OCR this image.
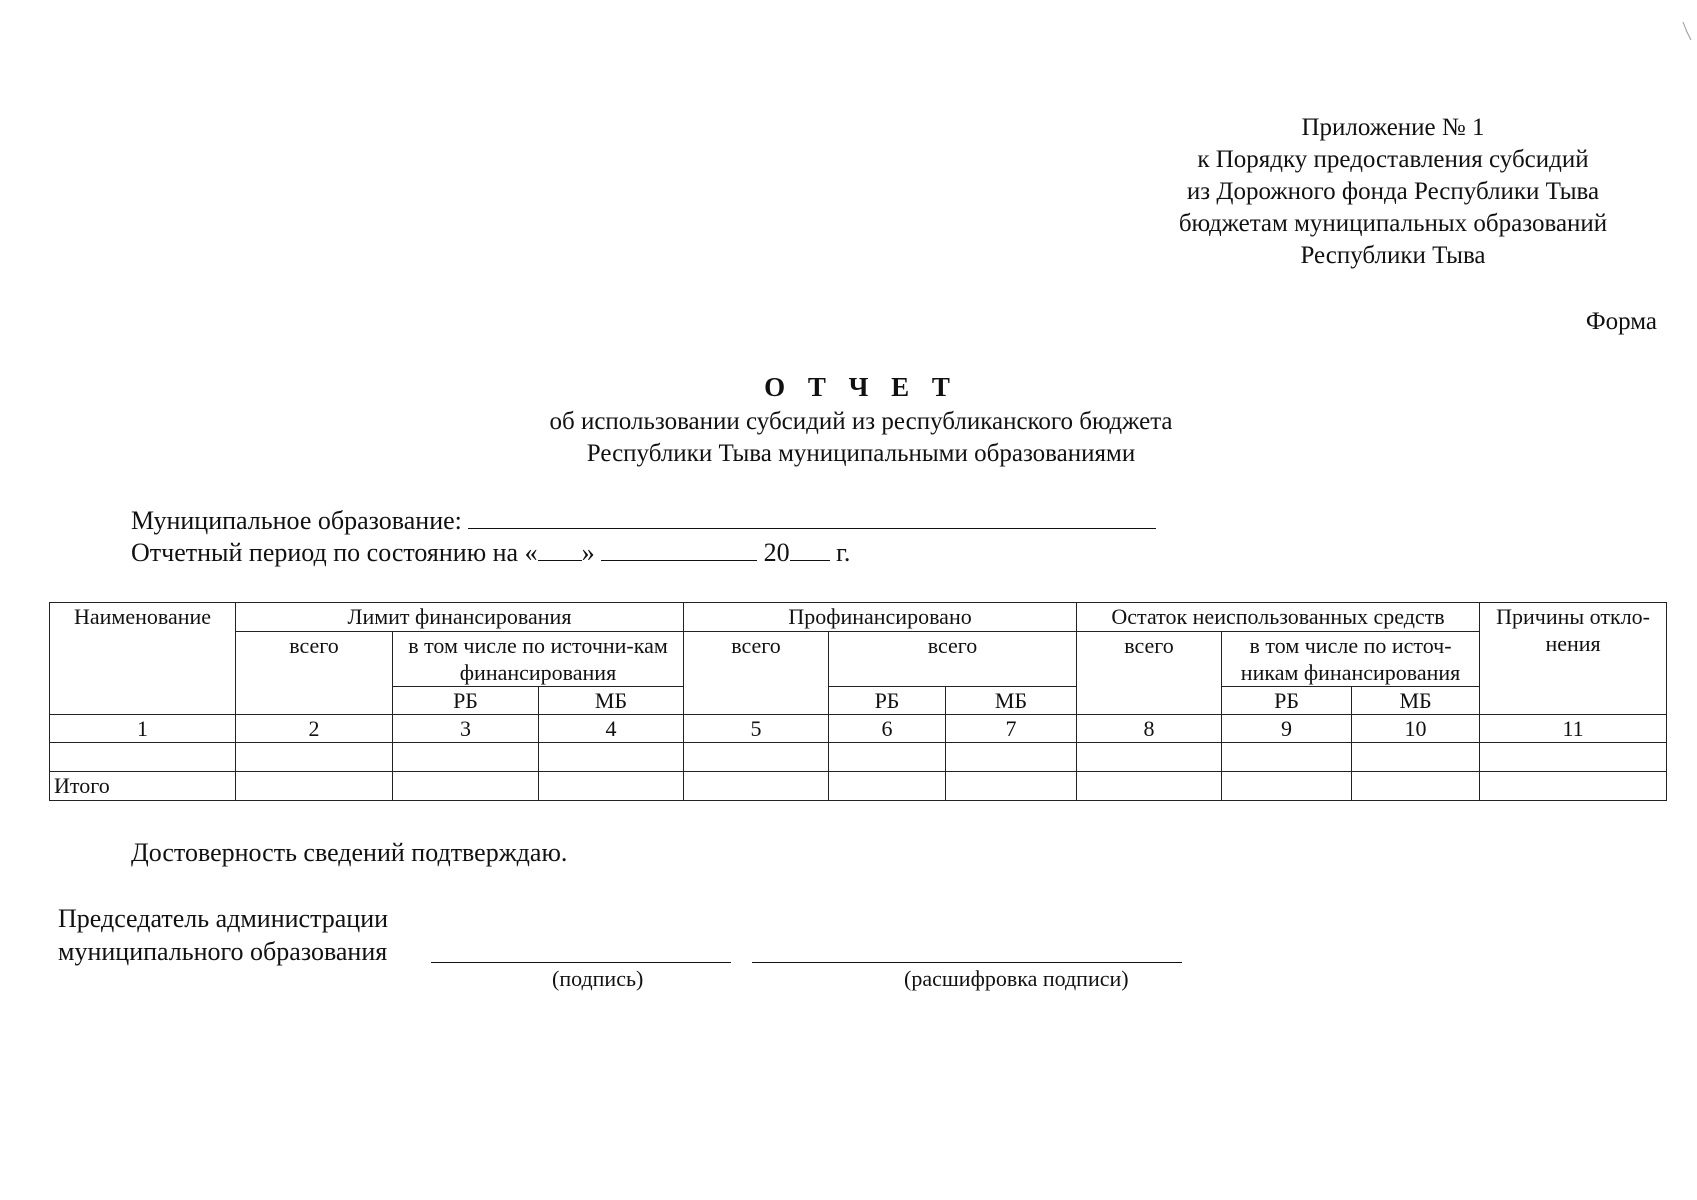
Приложение № 1
к Порядку предоставления субсидий
из Дорожного фонда Республики Тыва
бюджетам муниципальных образований
Республики Тыва
Форма
О Т Ч Е Т
об использовании субсидий из республиканского бюджета
Республики Тыва муниципальными образованиями
Муниципальное образование:
Отчетный период по состоянию на « »	20 г.
Наименование	Лимит финансирования			Профинансировано			Остаток неиспользованных средств			Причины откло-нения
	всего	в том числе по источни-кам финансирования		всего	всего		всего	в том числе по источ-никам финансирования		
		РБ	МБ		РБ	МБ		РБ	МБ	
1	2	3	4	5	6	7	8	9	10	11

Итого										
Достоверность сведений подтверждаю.
Председатель администрации
муниципального образования
(подпись)	(расшифровка подписи)
